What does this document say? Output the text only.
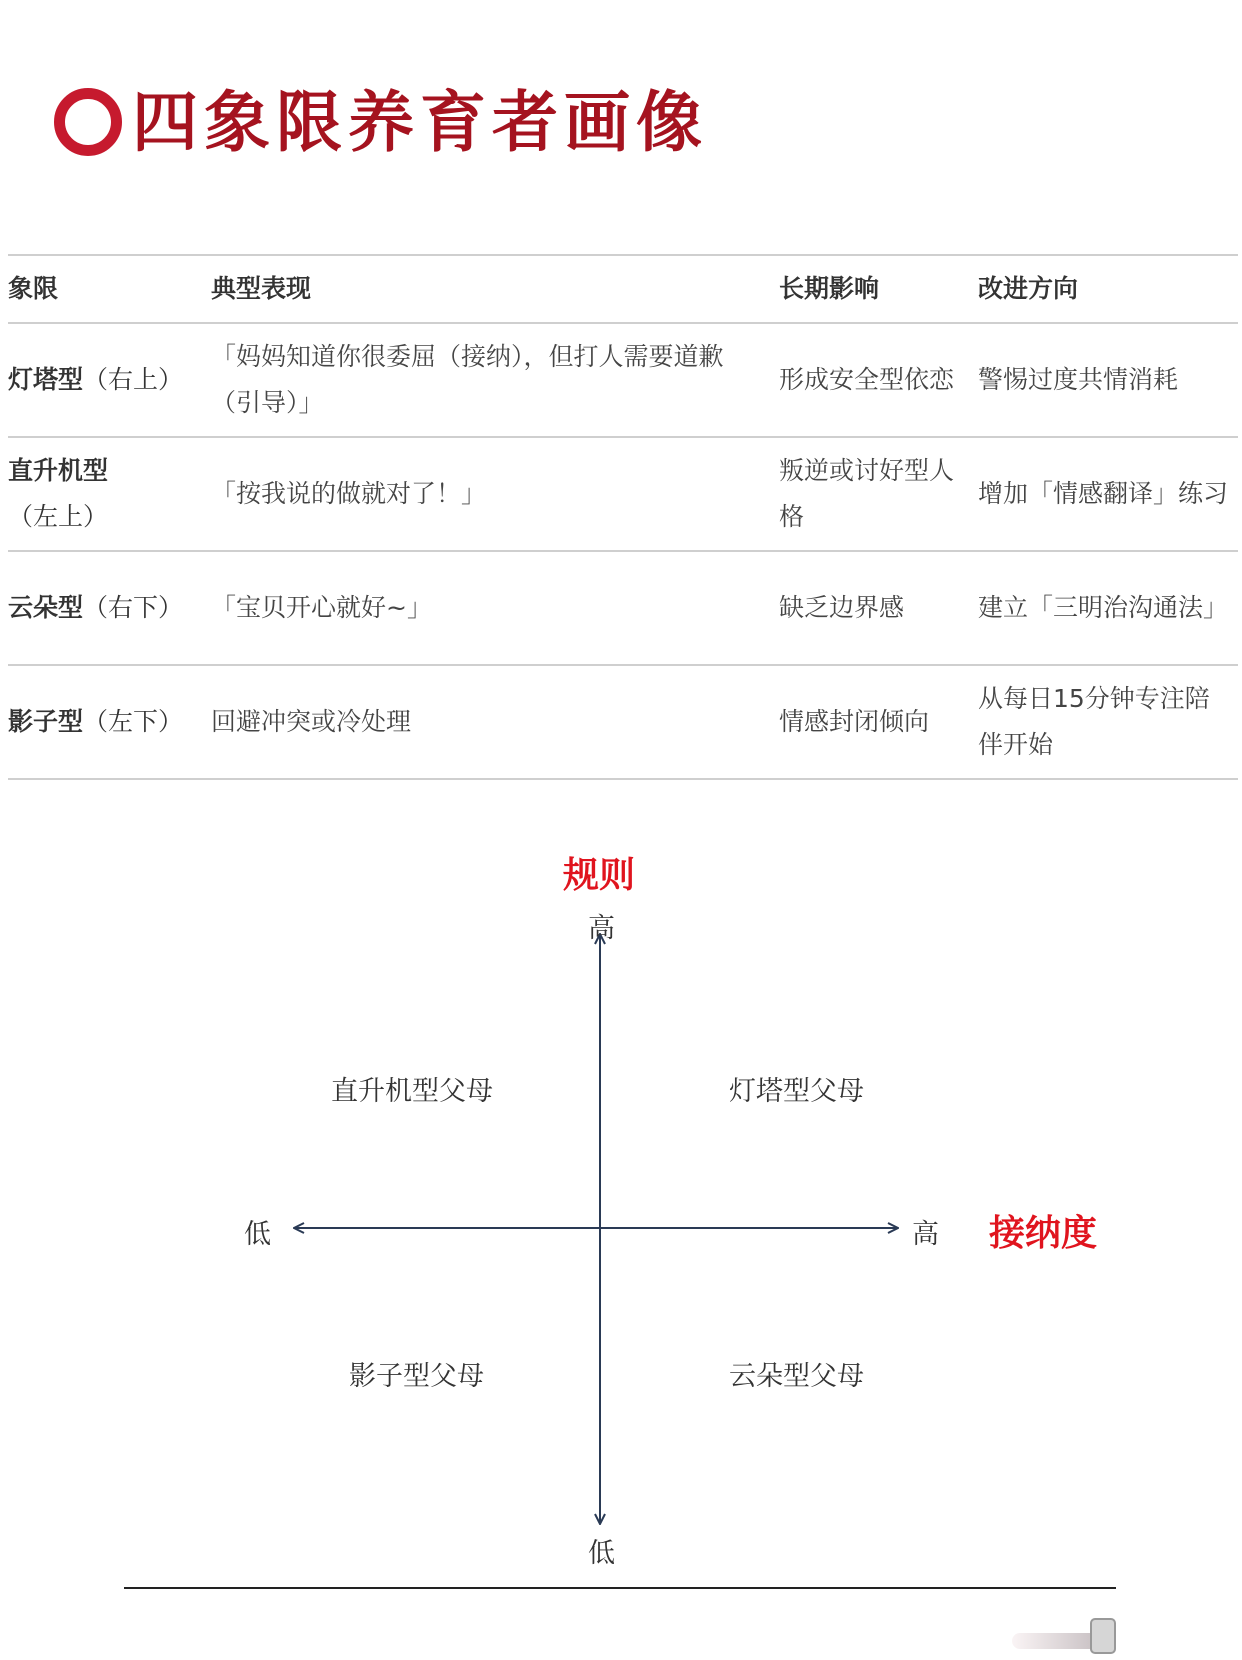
四象限养育者画像
象限	典型表现	长期影响	改进方向
灯塔型（右上）	「妈妈知道你很委屈（接纳），但打人需要道歉（引导）」	形成安全型依恋	警惕过度共情消耗
直升机型（左上）	「按我说的做就对了！」	叛逆或讨好型人格	增加「情感翻译」练习
云朵型（右下）	「宝贝开心就好~」	缺乏边界感	建立「三明治沟通法」
影子型（左下）	回避冲突或冷处理	情感封闭倾向	从每日15分钟专注陪伴开始
规则
高
低
低	高 接纳度
直升机型父母	灯塔型父母
影子型父母	云朵型父母
